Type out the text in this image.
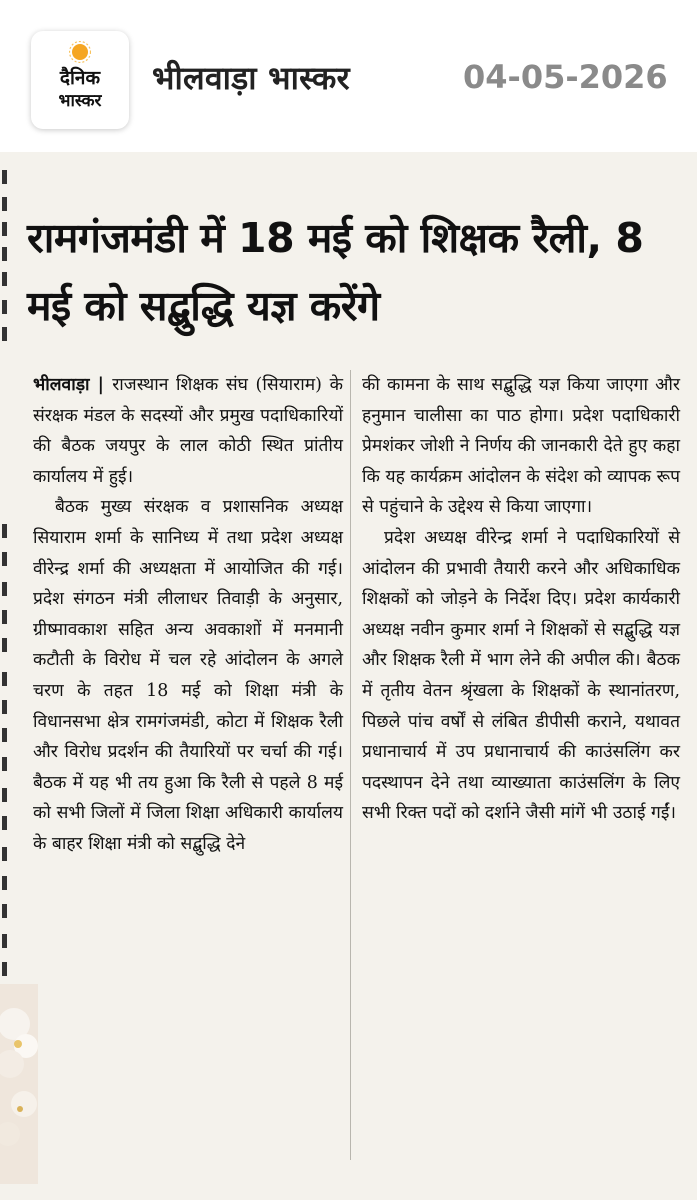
दैनिक
भास्कर
भीलवाड़ा भास्कर	04-05-2026
रामगंजमंडी में 18 मई को शिक्षक रैली, 8 मई को सद्बुद्धि यज्ञ करेंगे

भीलवाड़ा | राजस्थान शिक्षक संघ (सियाराम) के संरक्षक मंडल के सदस्यों और प्रमुख पदाधिकारियों की बैठक जयपुर के लाल कोठी स्थित प्रांतीय कार्यालय में हुई।

बैठक मुख्य संरक्षक व प्रशासनिक अध्यक्ष सियाराम शर्मा के सानिध्य में तथा प्रदेश अध्यक्ष वीरेन्द्र शर्मा की अध्यक्षता में आयोजित की गई। प्रदेश संगठन मंत्री लीलाधर तिवाड़ी के अनुसार, ग्रीष्मावकाश सहित अन्य अवकाशों में मनमानी कटौती के विरोध में चल रहे आंदोलन के अगले चरण के तहत 18 मई को शिक्षा मंत्री के विधानसभा क्षेत्र रामगंजमंडी, कोटा में शिक्षक रैली और विरोध प्रदर्शन की तैयारियों पर चर्चा की गई। बैठक में यह भी तय हुआ कि रैली से पहले 8 मई को सभी जिलों में जिला शिक्षा अधिकारी कार्यालय के बाहर शिक्षा मंत्री को सद्बुद्धि देने

की कामना के साथ सद्बुद्धि यज्ञ किया जाएगा और हनुमान चालीसा का पाठ होगा। प्रदेश पदाधिकारी प्रेमशंकर जोशी ने निर्णय की जानकारी देते हुए कहा कि यह कार्यक्रम आंदोलन के संदेश को व्यापक रूप से पहुंचाने के उद्देश्य से किया जाएगा।

प्रदेश अध्यक्ष वीरेन्द्र शर्मा ने पदाधिकारियों से आंदोलन की प्रभावी तैयारी करने और अधिकाधिक शिक्षकों को जोड़ने के निर्देश दिए। प्रदेश कार्यकारी अध्यक्ष नवीन कुमार शर्मा ने शिक्षकों से सद्बुद्धि यज्ञ और शिक्षक रैली में भाग लेने की अपील की। बैठक में तृतीय वेतन श्रृंखला के शिक्षकों के स्थानांतरण, पिछले पांच वर्षों से लंबित डीपीसी कराने, यथावत प्रधानाचार्य में उप प्रधानाचार्य की काउंसलिंग कर पदस्थापन देने तथा व्याख्याता काउंसलिंग के लिए सभी रिक्त पदों को दर्शाने जैसी मांगें भी उठाई गईं।
